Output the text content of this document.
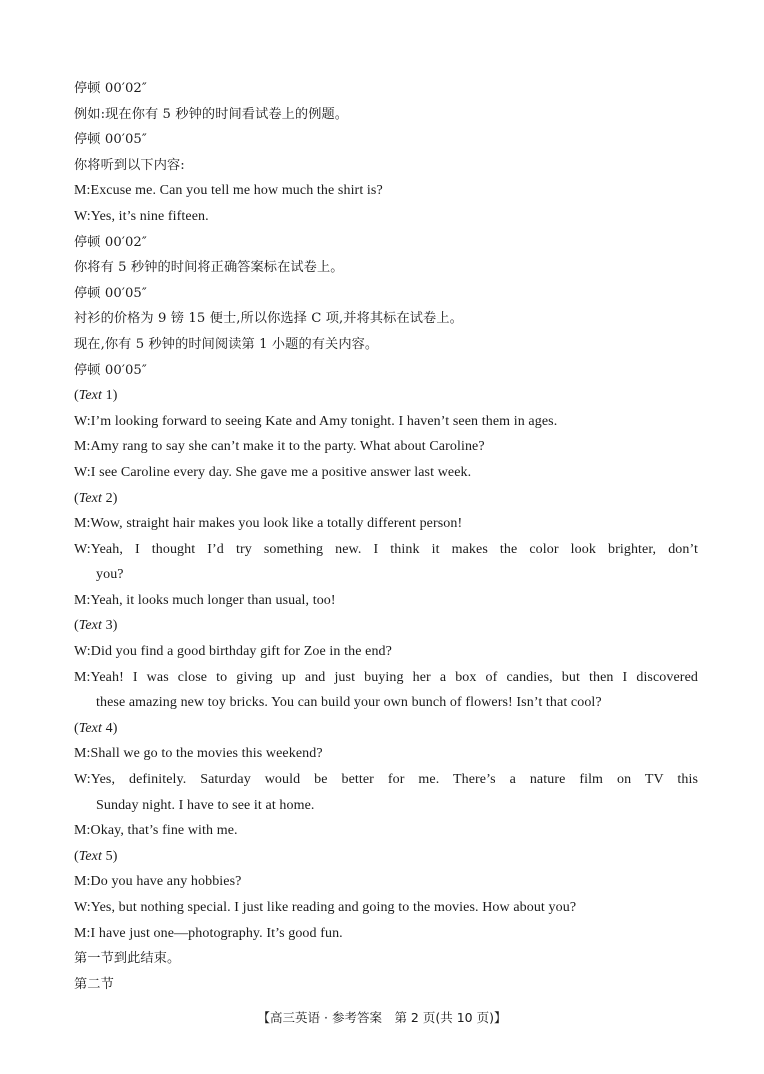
停顿 00′02″
例如:现在你有 5 秒钟的时间看试卷上的例题。
停顿 00′05″
你将听到以下内容:
M:Excuse me. Can you tell me how much the shirt is?
W:Yes, it’s nine fifteen.
停顿 00′02″
你将有 5 秒钟的时间将正确答案标在试卷上。
停顿 00′05″
衬衫的价格为 9 镑 15 便士,所以你选择 C 项,并将其标在试卷上。
现在,你有 5 秒钟的时间阅读第 1 小题的有关内容。
停顿 00′05″
(Text 1)
W:I’m looking forward to seeing Kate and Amy tonight. I haven’t seen them in ages.
M:Amy rang to say she can’t make it to the party. What about Caroline?
W:I see Caroline every day. She gave me a positive answer last week.
(Text 2)
M:Wow, straight hair makes you look like a totally different person!
W:Yeah, I thought I’d try something new. I think it makes the color look brighter, don’t
you?
M:Yeah, it looks much longer than usual, too!
(Text 3)
W:Did you find a good birthday gift for Zoe in the end?
M:Yeah! I was close to giving up and just buying her a box of candies, but then I discovered
these amazing new toy bricks. You can build your own bunch of flowers! Isn’t that cool?
(Text 4)
M:Shall we go to the movies this weekend?
W:Yes, definitely. Saturday would be better for me. There’s a nature film on TV this
Sunday night. I have to see it at home.
M:Okay, that’s fine with me.
(Text 5)
M:Do you have any hobbies?
W:Yes, but nothing special. I just like reading and going to the movies. How about you?
M:I have just one—photography. It’s good fun.
第一节到此结束。
第二节
【高三英语 · 参考答案　第 2 页(共 10 页)】
